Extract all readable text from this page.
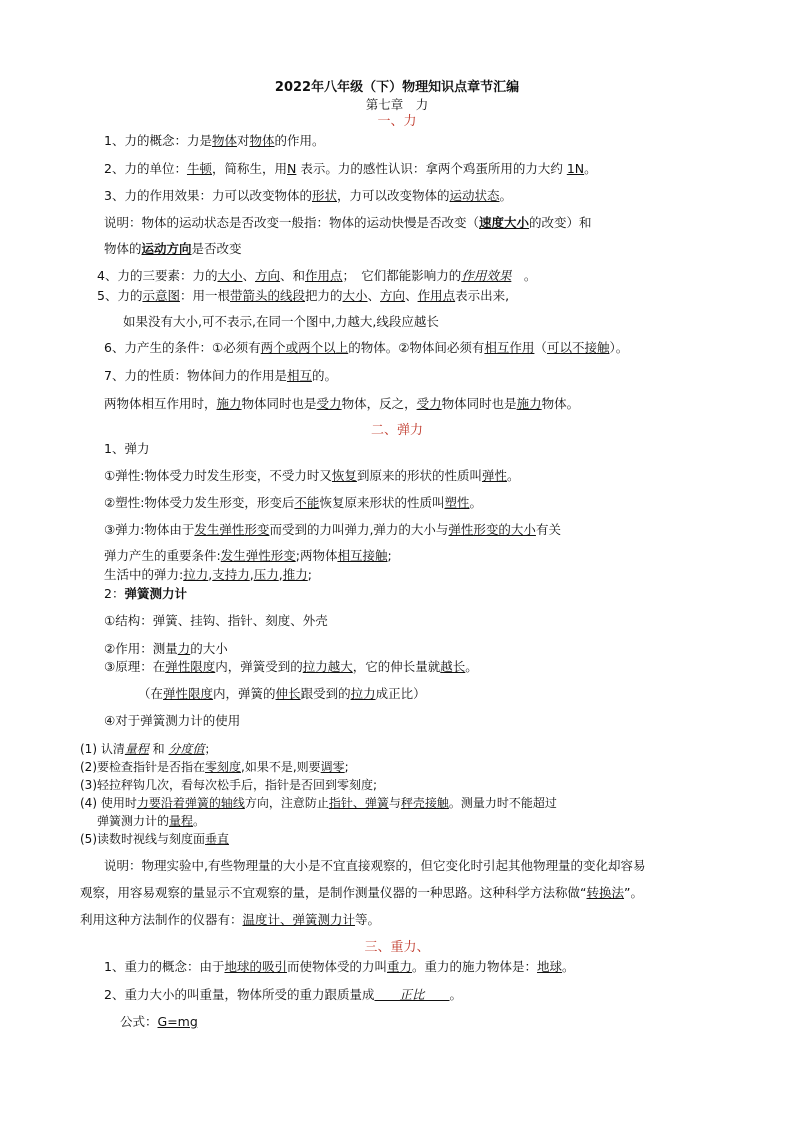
2022年八年级（下）物理知识点章节汇编
第七章　力
一、力
1、力的概念：力是物体对物体的作用。
2、力的单位：牛顿，简称生，用N 表示。力的感性认识：拿两个鸡蛋所用的力大约 1N。
3、力的作用效果：力可以改变物体的形状，力可以改变物体的运动状态。
说明：物体的运动状态是否改变一般指：物体的运动快慢是否改变（速度大小的改变）和
物体的运动方向是否改变
4、力的三要素：力的大小、方向、和作用点；　它们都能影响力的作用效果　。
5、力的示意图：用一根带箭头的线段把力的大小、方向、作用点表示出来,
如果没有大小,可不表示,在同一个图中,力越大,线段应越长
6、力产生的条件：①必须有两个或两个以上的物体。②物体间必须有相互作用（可以不接触）。
7、力的性质：物体间力的作用是相互的。
两物体相互作用时，施力物体同时也是受力物体，反之，受力物体同时也是施力物体。
二、弹力
1、弹力
①弹性:物体受力时发生形变，不受力时又恢复到原来的形状的性质叫弹性。
②塑性:物体受力发生形变，形变后不能恢复原来形状的性质叫塑性。
③弹力:物体由于发生弹性形变而受到的力叫弹力,弹力的大小与弹性形变的大小有关
弹力产生的重要条件:发生弹性形变;两物体相互接触;
生活中的弹力:拉力,支持力,压力,推力;
2：弹簧测力计
①结构：弹簧、挂钩、指针、刻度、外壳
②作用：测量力的大小
③原理：在弹性限度内，弹簧受到的拉力越大，它的伸长量就越长。
（在弹性限度内，弹簧的伸长跟受到的拉力成正比）
④对于弹簧测力计的使用
(1) 认清量程 和 分度值；
(2)要检查指针是否指在零刻度,如果不是,则要调零;
(3)轻拉秤钩几次，看每次松手后，指针是否回到零刻度;
(4) 使用时力要沿着弹簧的轴线方向，注意防止指针、弹簧与秤壳接触。测量力时不能超过
弹簧测力计的量程。
(5)读数时视线与刻度面垂直
说明：物理实验中,有些物理量的大小是不宜直接观察的，但它变化时引起其他物理量的变化却容易
观察，用容易观察的量显示不宜观察的量，是制作测量仪器的一种思路。这种科学方法称做“转换法”。
利用这种方法制作的仪器有：温度计、弹簧测力计等。
三、重力、
1、重力的概念：由于地球的吸引而使物体受的力叫重力。重力的施力物体是：地球。
2、重力大小的叫重量，物体所受的重力跟质量成　　正比　　。
公式：G=mg
